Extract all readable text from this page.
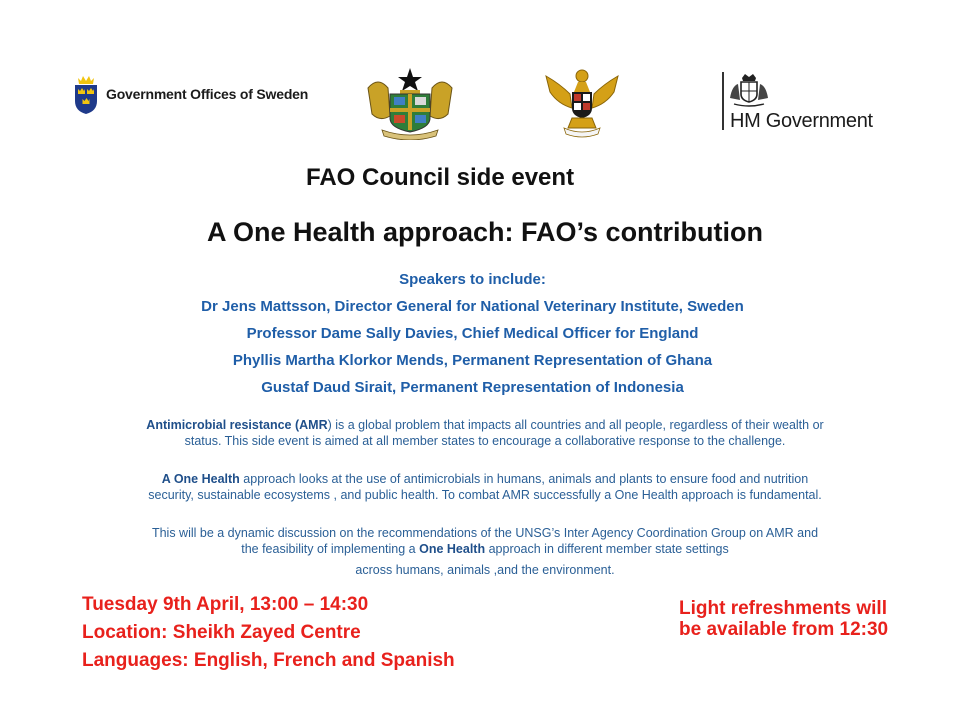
Government Offices of Sweden
HM Government
FAO Council side event
A One Health approach: FAO’s contribution
Speakers to include:
Dr Jens Mattsson, Director General for National Veterinary Institute, Sweden
Professor Dame Sally Davies, Chief Medical Officer for England
Phyllis Martha Klorkor Mends, Permanent Representation of Ghana
Gustaf Daud Sirait, Permanent Representation of Indonesia
Antimicrobial resistance (AMR) is a global problem that impacts all countries and all people, regardless of their wealth or
status. This side event is aimed at all member states to encourage a collaborative response to the challenge.
A One Health approach looks at the use of antimicrobials in humans, animals and plants to ensure food and nutrition
security, sustainable ecosystems , and public health. To combat AMR successfully a One Health approach is fundamental.
This will be a dynamic discussion on the recommendations of the UNSG’s Inter Agency Coordination Group on AMR and
the feasibility of implementing a One Health approach in different member state settings
across humans, animals ,and the environment.
Tuesday 9th April, 13:00 – 14:30
Location: Sheikh Zayed Centre
Languages: English, French and Spanish
Light refreshments will be available from 12:30
